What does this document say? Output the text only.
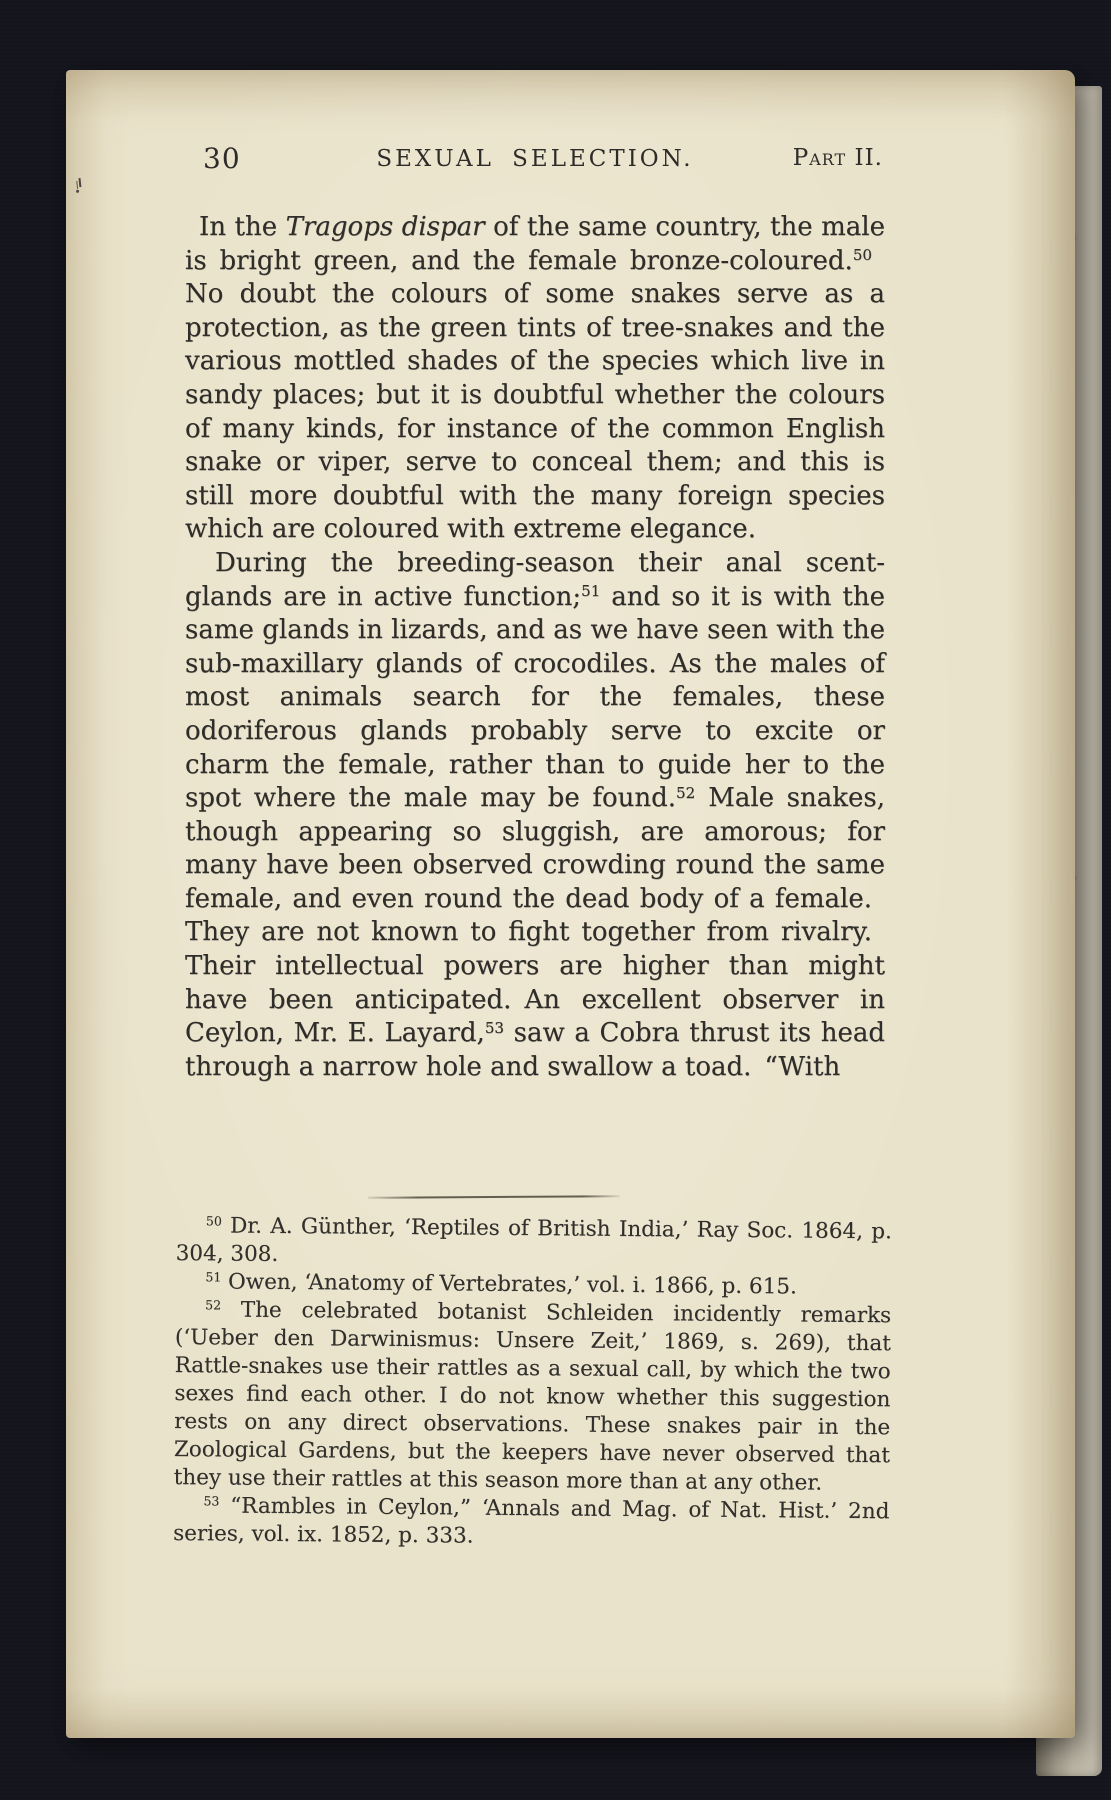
30	SEXUAL SELECTION.	Part II.

In the Tragops dispar of the same country, the male is bright green, and the female bronze-coloured.$^{50}$ No doubt the colours of some snakes serve as a protection, as the green tints of tree-snakes and the various mottled shades of the species which live in sandy places; but it is doubtful whether the colours of many kinds, for instance of the common English snake or viper, serve to conceal them; and this is still more doubtful with the many foreign species which are coloured with extreme elegance.

During the breeding-season their anal scent-glands are in active function;$^{51}$ and so it is with the same glands in lizards, and as we have seen with the sub-maxillary glands of crocodiles. As the males of most animals search for the females, these odoriferous glands probably serve to excite or charm the female, rather than to guide her to the spot where the male may be found.$^{52}$ Male snakes, though appearing so sluggish, are amorous; for many have been observed crowding round the same female, and even round the dead body of a female. They are not known to fight together from rivalry. Their intellectual powers are higher than might have been anticipated. An excellent observer in Ceylon, Mr. E. Layard,$^{53}$ saw a Cobra thrust its head through a narrow hole and swallow a toad. “With

$^{50}$ Dr. A. Günther, ‘Reptiles of British India,’ Ray Soc. 1864, p. 304, 308.

$^{51}$ Owen, ‘Anatomy of Vertebrates,’ vol. i. 1866, p. 615.

$^{52}$ The celebrated botanist Schleiden incidently remarks (‘Ueber den Darwinismus: Unsere Zeit,’ 1869, s. 269), that Rattle-snakes use their rattles as a sexual call, by which the two sexes find each other. I do not know whether this suggestion rests on any direct observations. These snakes pair in the Zoological Gardens, but the keepers have never observed that they use their rattles at this season more than at any other.

$^{53}$ “Rambles in Ceylon,” ‘Annals and Mag. of Nat. Hist.’ 2nd series, vol. ix. 1852, p. 333.
